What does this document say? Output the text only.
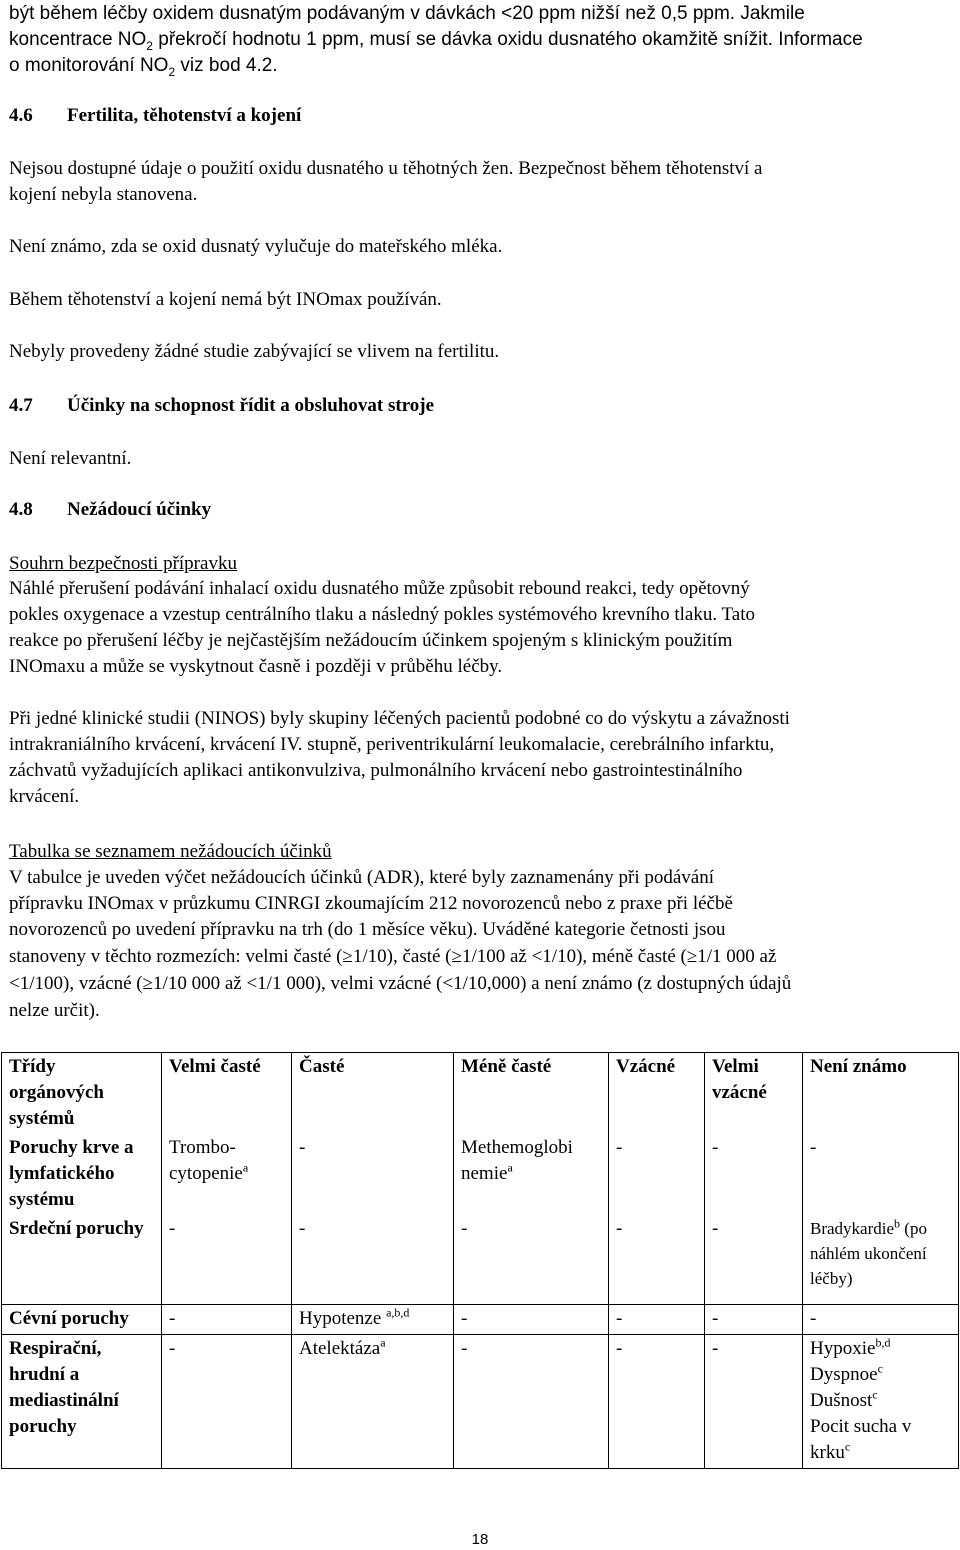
být během léčby oxidem dusnatým podávaným v dávkách <20 ppm nižší než 0,5 ppm. Jakmile
koncentrace $NO_2$ překročí hodnotu 1 ppm, musí se dávka oxidu dusnatého okamžitě snížit. Informace
o monitorování $NO_2$ viz bod 4.2.
4.6 Fertilita, těhotenství a kojení
Nejsou dostupné údaje o použití oxidu dusnatého u těhotných žen. Bezpečnost během těhotenství a
kojení nebyla stanovena.
Není známo, zda se oxid dusnatý vylučuje do mateřského mléka.
Během těhotenství a kojení nemá být INOmax používán.
Nebyly provedeny žádné studie zabývající se vlivem na fertilitu.
4.7 Účinky na schopnost řídit a obsluhovat stroje
Není relevantní.
4.8 Nežádoucí účinky
Souhrn bezpečnosti přípravku
Náhlé přerušení podávání inhalací oxidu dusnatého může způsobit rebound reakci, tedy opětovný
pokles oxygenace a vzestup centrálního tlaku a následný pokles systémového krevního tlaku. Tato
reakce po přerušení léčby je nejčastějším nežádoucím účinkem spojeným s klinickým použitím
INOmaxu a může se vyskytnout časně i později v průběhu léčby.
Při jedné klinické studii (NINOS) byly skupiny léčených pacientů podobné co do výskytu a závažnosti
intrakraniálního krvácení, krvácení IV. stupně, periventrikulární leukomalacie, cerebrálního infarktu,
záchvatů vyžadujících aplikaci antikonvulziva, pulmonálního krvácení nebo gastrointestinálního
krvácení.
Tabulka se seznamem nežádoucích účinků
V tabulce je uveden výčet nežádoucích účinků (ADR), které byly zaznamenány při podávání
přípravku INOmax v průzkumu CINRGI zkoumajícím 212 novorozenců nebo z praxe při léčbě
novorozenců po uvedení přípravku na trh (do 1 měsíce věku). Uváděné kategorie četnosti jsou
stanoveny v těchto rozmezích: velmi časté (≥1/10), časté (≥1/100 až <1/10), méně časté (≥1/1 000 až
<1/100), vzácné (≥1/10 000 až <1/1 000), velmi vzácné (<1/10,000) a není známo (z dostupných údajů
nelze určit).
Třídy orgánových systémů	Velmi časté	Časté	Méně časté	Vzácné	Velmi vzácné	Není známo
Poruchy krve a lymfatického systému	Trombo-cytopenie$^a$	-	Methemoglobi nemie$^a$	-	-	-
Srdeční poruchy	-	-	-	-	-	Bradykardie$^b$ (po náhlém ukončení léčby)
Cévní poruchy	-	Hypotenze $^{a,b,d}$	-	-	-	-
Respirační, hrudní a mediastinální poruchy	-	Atelektáza$^a$	-	-	-	Hypoxie$^{b,d}$
Dyspnoe$^c$
Dušnost$^c$
Pocit sucha v krku$^c$
18
